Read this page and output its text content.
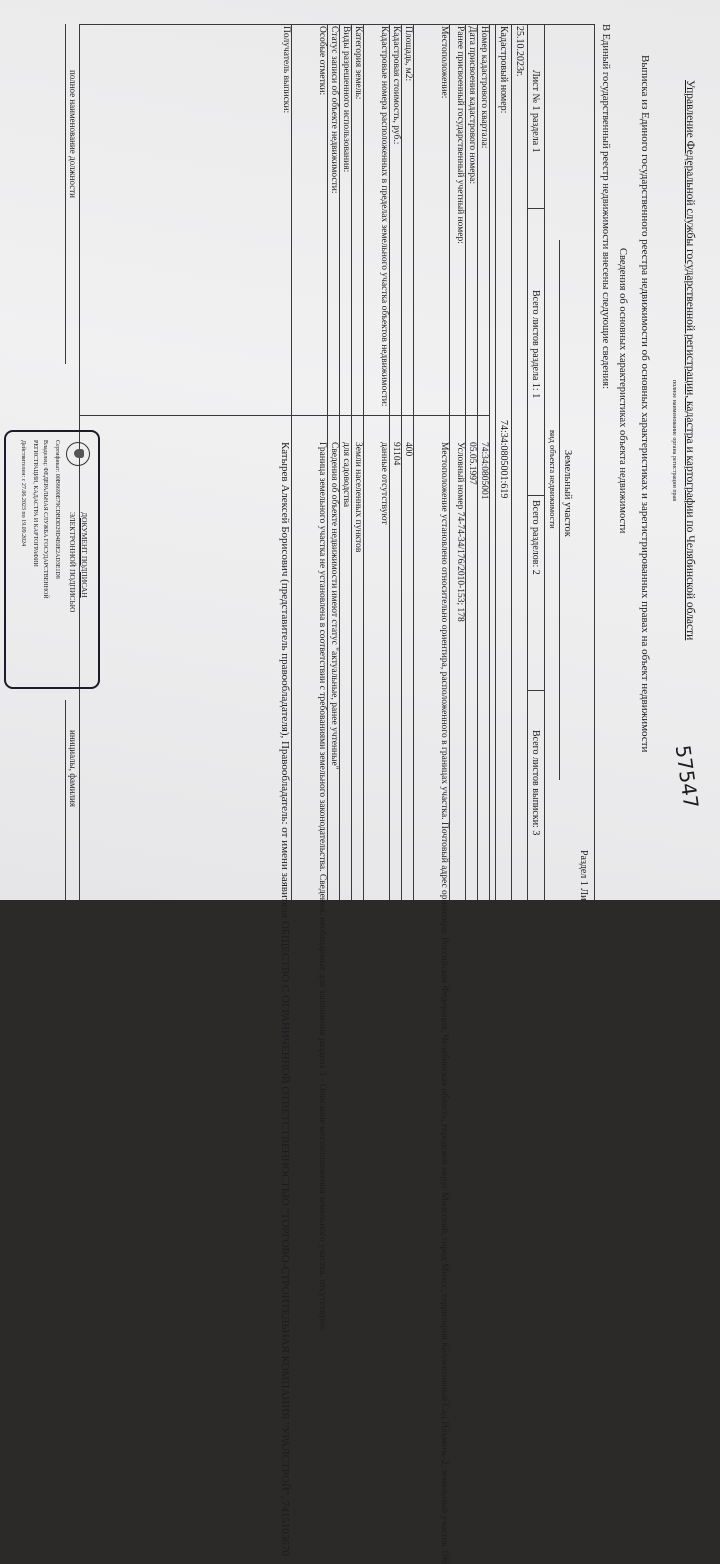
Управление Федеральной службы государственной регистрации, кадастра и картографии по Челябинской области
полное наименование органа регистрации прав
57547
Выписка из Единого государственного реестра недвижимости об основных характеристиках и зарегистрированных правах на объект недвижимости
Сведения об основных характеристиках объекта недвижимости
В Единый государственный реестр недвижимости внесены следующие сведения:
Раздел 1 Ли
Земельный участок
вид объекта недвижимости
Лист № 1 раздела 1
Всего листов раздела 1: 1
Всего разделов: 2
Всего листов выписки: 3
25.10.2023г.
Кадастровый номер:
74:34:0805001:619
Номер кадастрового квартала:
74:34:0805001
Дата присвоения кадастрового номера:
05.05.1997
Ранее присвоенный государственный учетный номер:
Условный номер 74-74-34/176/2010-153; 178
Местоположение:
Местоположение установлено относительно ориентира, расположенного в границах участка. Почтовый адрес ориентира: Российская Федерация, Челябинская область, городской округ Миасский, город Миасс, территория Коллективный Сад Ильмень-2, земельный участок 196
Площадь, м2:
400
Кадастровая стоимость, руб.:
91104
Кадастровые номера расположенных в пределах земельного участка объектов недвижимости:
данные отсутствуют
Категория земель:
Земли населенных пунктов
Виды разрешенного использования:
для садоводства
Статус записи об объекте недвижимости:
Сведения об объекте недвижимости имеют статус "актуальные, ранее учтенные"
Особые отметки:
Граница земельного участка не установлена в соответствии с требованиями земельного законодательства. Сведения, необходимые для заполнения раздела 3 - Описание местоположения земельного участка, отсутствуют.
Получатель выписки:
Катырев Алексей Борисович (представитель правообладателя), Правообладатель: от имени заявителя ОБЩЕСТВО С ОГРАНИЧЕННОЙ ОТВЕТСТВЕННОСТЬЮ "ТОРГОВО-СТРОИТЕЛЬНАЯ КОМПАНИЯ "УРАЛСТРОЙ", 7415103670
полное наименование должности
инициалы, фамилия
ДОКУМЕНТ ПОДПИСАН
ЭЛЕКТРОННОЙ ПОДПИСЬЮ
Сертификат: 00B8690E79CDBDD29D4E0E2AD3E1D8
Владелец: ФЕДЕРАЛЬНАЯ СЛУЖБА ГОСУДАРСТВЕННОЙ
РЕГИСТРАЦИИ, КАДАСТРА И КАРТОГРАФИИ
Действителен: с 27.06.2023 по 19.09.2024
